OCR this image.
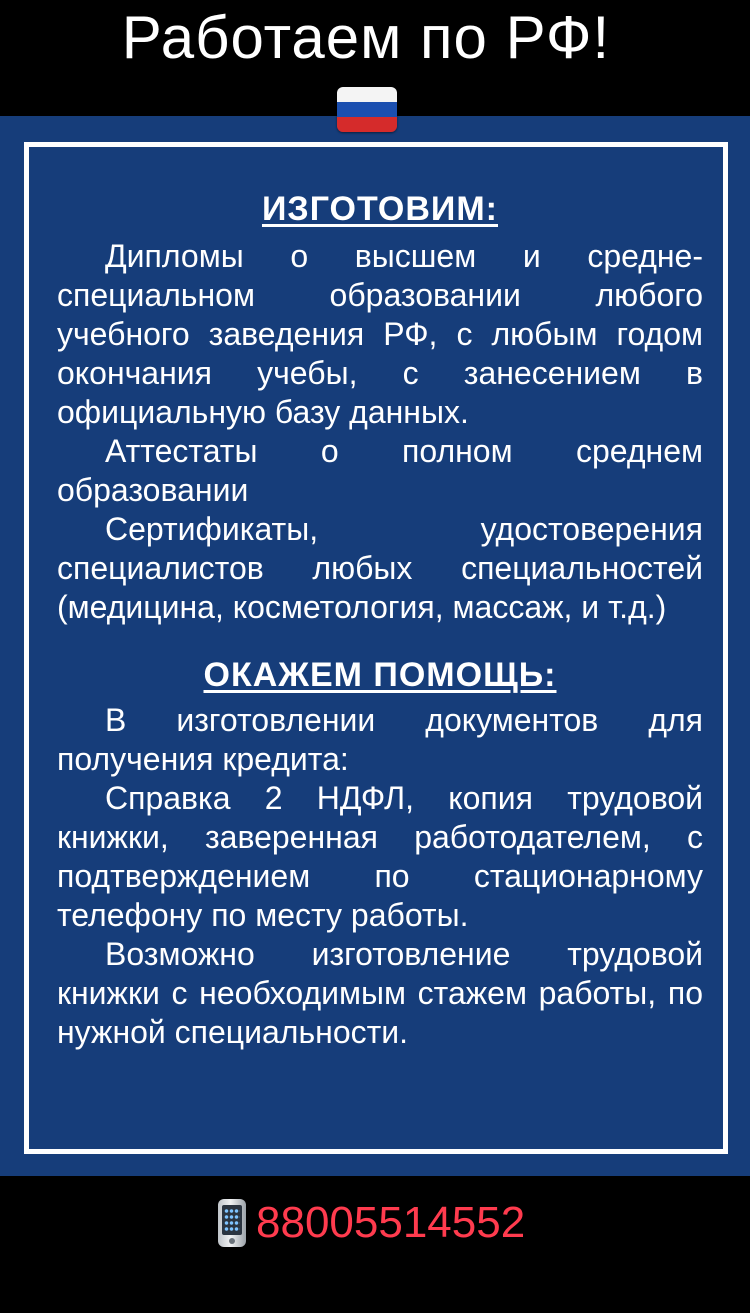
Работаем по РФ!
ИЗГОТОВИМ:

Дипломы о высшем и средне-специальном образовании любого учебного заведения РФ, с любым годом окончания учебы, с занесением в официальную базу данных.

Аттестаты о полном среднем образовании

Сертификаты, удостоверения специалистов любых специальностей (медицина, косметология, массаж, и т.д.)

ОКАЖЕМ ПОМОЩЬ:

В изготовлении документов для получения кредита:

Справка 2 НДФЛ, копия трудовой книжки, заверенная работодателем, с подтверждением по стационарному телефону по месту работы.

Возможно изготовление трудовой книжки с необходимым стажем работы, по нужной специальности.

88005514552
